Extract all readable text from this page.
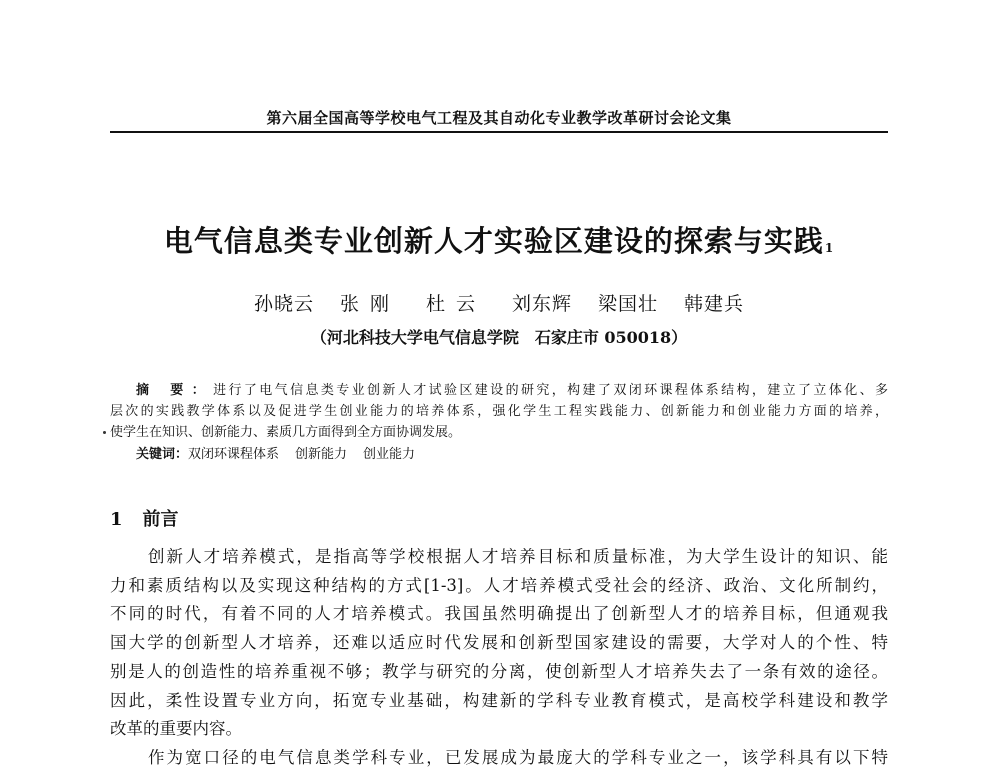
第六届全国高等学校电气工程及其自动化专业教学改革研讨会论文集
电气信息类专业创新人才实验区建设的探索与实践$^1$
孙晓云 张刚 杜云 刘东辉 梁国壮 韩建兵
（河北科技大学电气信息学院　石家庄市 050018）
摘 要：进行了电气信息类专业创新人才试验区建设的研究，构建了双闭环课程体系结构，建立了立体化、多
层次的实践教学体系以及促进学生创业能力的培养体系，强化学生工程实践能力、创新能力和创业能力方面的培养，
使学生在知识、创新能力、素质几方面得到全方面协调发展。
关键词：双闭环课程体系 创新能力 创业能力
1 前言
创新人才培养模式，是指高等学校根据人才培养目标和质量标准，为大学生设计的知识、能
力和素质结构以及实现这种结构的方式[1-3]。人才培养模式受社会的经济、政治、文化所制约，
不同的时代，有着不同的人才培养模式。我国虽然明确提出了创新型人才的培养目标，但通观我
国大学的创新型人才培养，还难以适应时代发展和创新型国家建设的需要，大学对人的个性、特
别是人的创造性的培养重视不够；教学与研究的分离，使创新型人才培养失去了一条有效的途径。
因此，柔性设置专业方向，拓宽专业基础，构建新的学科专业教育模式，是高校学科建设和教学
改革的重要内容。
作为宽口径的电气信息类学科专业，已发展成为最庞大的学科专业之一，该学科具有以下特
